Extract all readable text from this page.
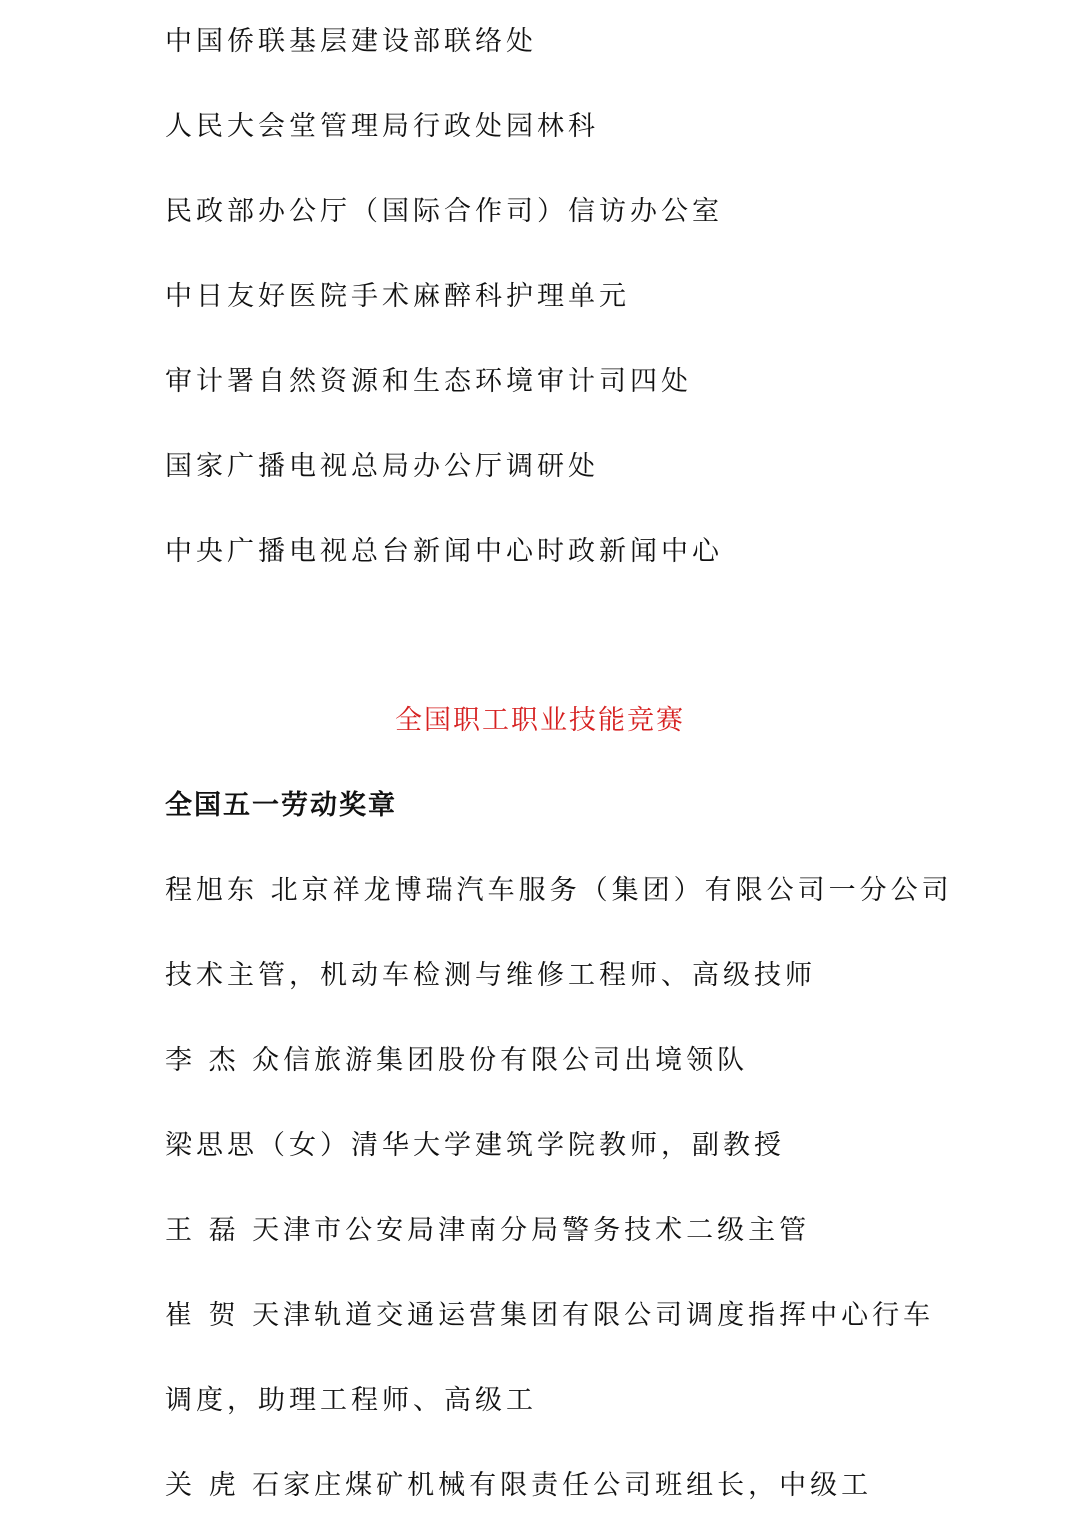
中国侨联基层建设部联络处
人民大会堂管理局行政处园林科
民政部办公厅（国际合作司）信访办公室
中日友好医院手术麻醉科护理单元
审计署自然资源和生态环境审计司四处
国家广播电视总局办公厅调研处
中央广播电视总台新闻中心时政新闻中心
全国职工职业技能竞赛
全国五一劳动奖章
程旭东 北京祥龙博瑞汽车服务（集团）有限公司一分公司
技术主管，机动车检测与维修工程师、高级技师
李 杰 众信旅游集团股份有限公司出境领队
梁思思（女）清华大学建筑学院教师，副教授
王 磊 天津市公安局津南分局警务技术二级主管
崔 贺 天津轨道交通运营集团有限公司调度指挥中心行车
调度，助理工程师、高级工
关 虎 石家庄煤矿机械有限责任公司班组长，中级工
